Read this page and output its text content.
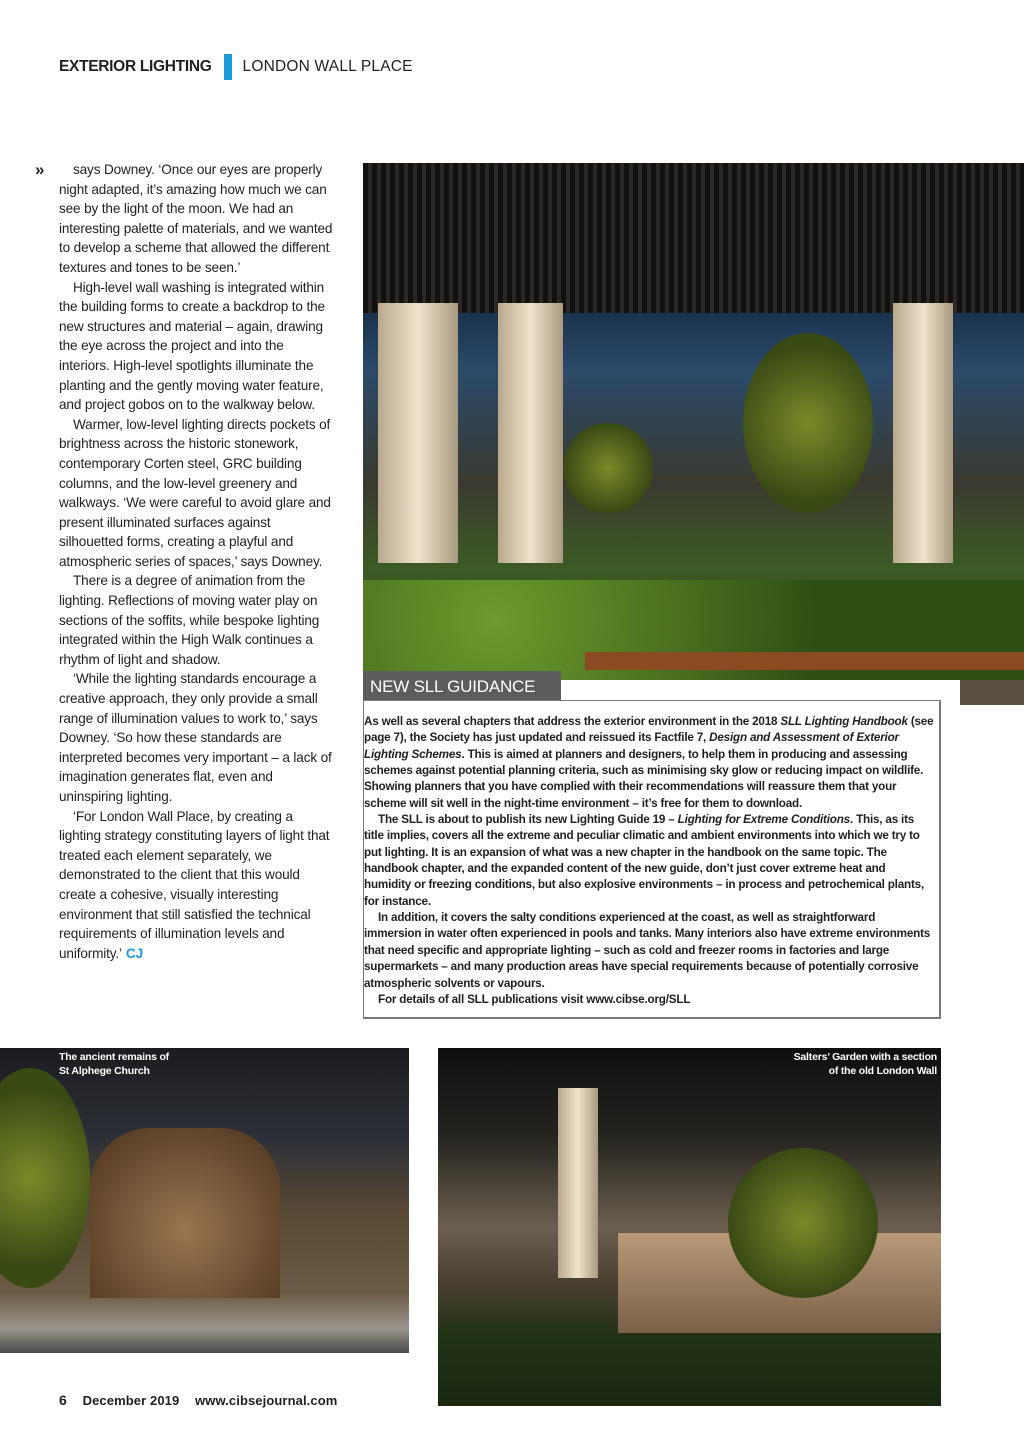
EXTERIOR LIGHTING LONDON WALL PLACE
»	says Downey. ‘Once our eyes are properly night adapted, it’s amazing how much we can see by the light of the moon. We had an interesting palette of materials, and we wanted to develop a scheme that allowed the different textures and tones to be seen.’

High-level wall washing is integrated within the building forms to create a backdrop to the new structures and material – again, drawing the eye across the project and into the interiors. High-level spotlights illuminate the planting and the gently moving water feature, and project gobos on to the walkway below.

Warmer, low-level lighting directs pockets of brightness across the historic stonework, contemporary Corten steel, GRC building columns, and the low-level greenery and walkways. ‘We were careful to avoid glare and present illuminated surfaces against silhouetted forms, creating a playful and atmospheric series of spaces,’ says Downey.

There is a degree of animation from the lighting. Reflections of moving water play on sections of the soffits, while bespoke lighting integrated within the High Walk continues a rhythm of light and shadow.

‘While the lighting standards encourage a creative approach, they only provide a small range of illumination values to work to,’ says Downey. ‘So how these standards are interpreted becomes very important – a lack of imagination generates flat, even and uninspiring lighting.

‘For London Wall Place, by creating a lighting strategy constituting layers of light that treated each element separately, we demonstrated to the client that this would create a cohesive, visually interesting environment that still satisfied the technical requirements of illumination levels and uniformity.’ CJ

NEW SLL GUIDANCE

As well as several chapters that address the exterior environment in the 2018 SLL Lighting Handbook (see page 7), the Society has just updated and reissued its Factfile 7, Design and Assessment of Exterior Lighting Schemes. This is aimed at planners and designers, to help them in producing and assessing schemes against potential planning criteria, such as minimising sky glow or reducing impact on wildlife. Showing planners that you have complied with their recommendations will reassure them that your scheme will sit well in the night-time environment – it’s free for them to download.

The SLL is about to publish its new Lighting Guide 19 – Lighting for Extreme Conditions. This, as its title implies, covers all the extreme and peculiar climatic and ambient environments into which we try to put lighting. It is an expansion of what was a new chapter in the handbook on the same topic. The handbook chapter, and the expanded content of the new guide, don’t just cover extreme heat and humidity or freezing conditions, but also explosive environments – in process and petrochemical plants, for instance.

In addition, it covers the salty conditions experienced at the coast, as well as straightforward immersion in water often experienced in pools and tanks. Many interiors also have extreme environments that need specific and appropriate lighting – such as cold and freezer rooms in factories and large supermarkets – and many production areas have special requirements because of potentially corrosive atmospheric solvents or vapours.

For details of all SLL publications visit www.cibse.org/SLL

The ancient remains of
St Alphege Church
Salters’ Garden with a section
of the old London Wall
6 December 2019 www.cibsejournal.com
